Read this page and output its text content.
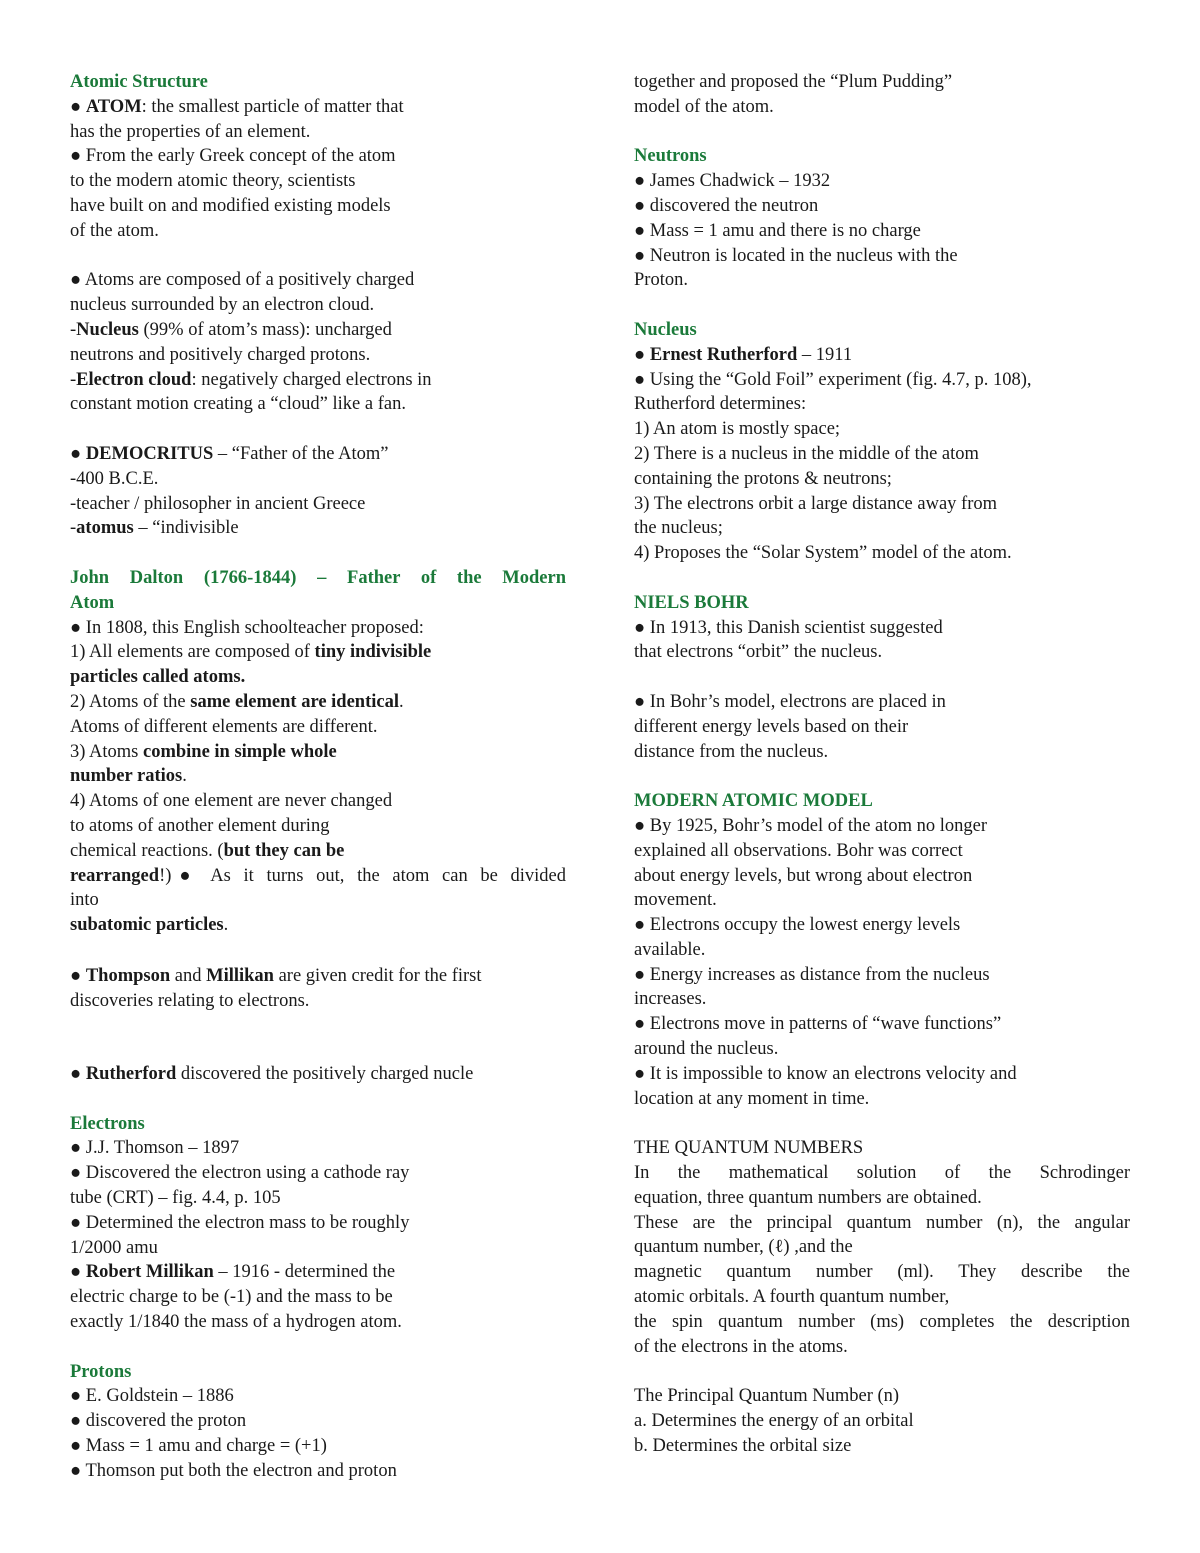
Atomic Structure
● ATOM: the smallest particle of matter that
has the properties of an element.
● From the early Greek concept of the atom
to the modern atomic theory, scientists
have built on and modified existing models
of the atom.
● Atoms are composed of a positively charged
nucleus surrounded by an electron cloud.
-Nucleus (99% of atom’s mass): uncharged
neutrons and positively charged protons.
-Electron cloud: negatively charged electrons in
constant motion creating a “cloud” like a fan.
● DEMOCRITUS – “Father of the Atom”
-400 B.C.E.
-teacher / philosopher in ancient Greece
-atomus – “indivisible
John Dalton (1766-1844) – Father of the Modern
Atom
● In 1808, this English schoolteacher proposed:
1) All elements are composed of tiny indivisible
particles called atoms.
2) Atoms of the same element are identical.
Atoms of different elements are different.
3) Atoms combine in simple whole
number ratios.
4) Atoms of one element are never changed
to atoms of another element during
chemical reactions. (but they can be
rearranged!)● As it turns out, the atom can be divided
into
subatomic particles.
● Thompson and Millikan are given credit for the first
discoveries relating to electrons.
● Rutherford discovered the positively charged nucle
Electrons
● J.J. Thomson – 1897
● Discovered the electron using a cathode ray
tube (CRT) – fig. 4.4, p. 105
● Determined the electron mass to be roughly
1/2000 amu
● Robert Millikan – 1916 - determined the
electric charge to be (-1) and the mass to be
exactly 1/1840 the mass of a hydrogen atom.
Protons
● E. Goldstein – 1886
● discovered the proton
● Mass = 1 amu and charge = (+1)
● Thomson put both the electron and proton
together and proposed the “Plum Pudding”
model of the atom.
Neutrons
● James Chadwick – 1932
● discovered the neutron
● Mass = 1 amu and there is no charge
● Neutron is located in the nucleus with the
Proton.
Nucleus
● Ernest Rutherford – 1911
● Using the “Gold Foil” experiment (fig. 4.7, p. 108),
Rutherford determines:
1) An atom is mostly space;
2) There is a nucleus in the middle of the atom
containing the protons & neutrons;
3) The electrons orbit a large distance away from
the nucleus;
4) Proposes the “Solar System” model of the atom.
NIELS BOHR
● In 1913, this Danish scientist suggested
that electrons “orbit” the nucleus.
● In Bohr’s model, electrons are placed in
different energy levels based on their
distance from the nucleus.
MODERN ATOMIC MODEL
● By 1925, Bohr’s model of the atom no longer
explained all observations. Bohr was correct
about energy levels, but wrong about electron
movement.
● Electrons occupy the lowest energy levels
available.
● Energy increases as distance from the nucleus
increases.
● Electrons move in patterns of “wave functions”
around the nucleus.
● It is impossible to know an electrons velocity and
location at any moment in time.
THE QUANTUM NUMBERS
In the mathematical solution of the Schrodinger
equation, three quantum numbers are obtained.
These are the principal quantum number (n), the angular
quantum number, (ℓ) ,and the
magnetic quantum number (ml). They describe the
atomic orbitals. A fourth quantum number,
the spin quantum number (ms) completes the description
of the electrons in the atoms.
The Principal Quantum Number (n)
a. Determines the energy of an orbital
b. Determines the orbital size
